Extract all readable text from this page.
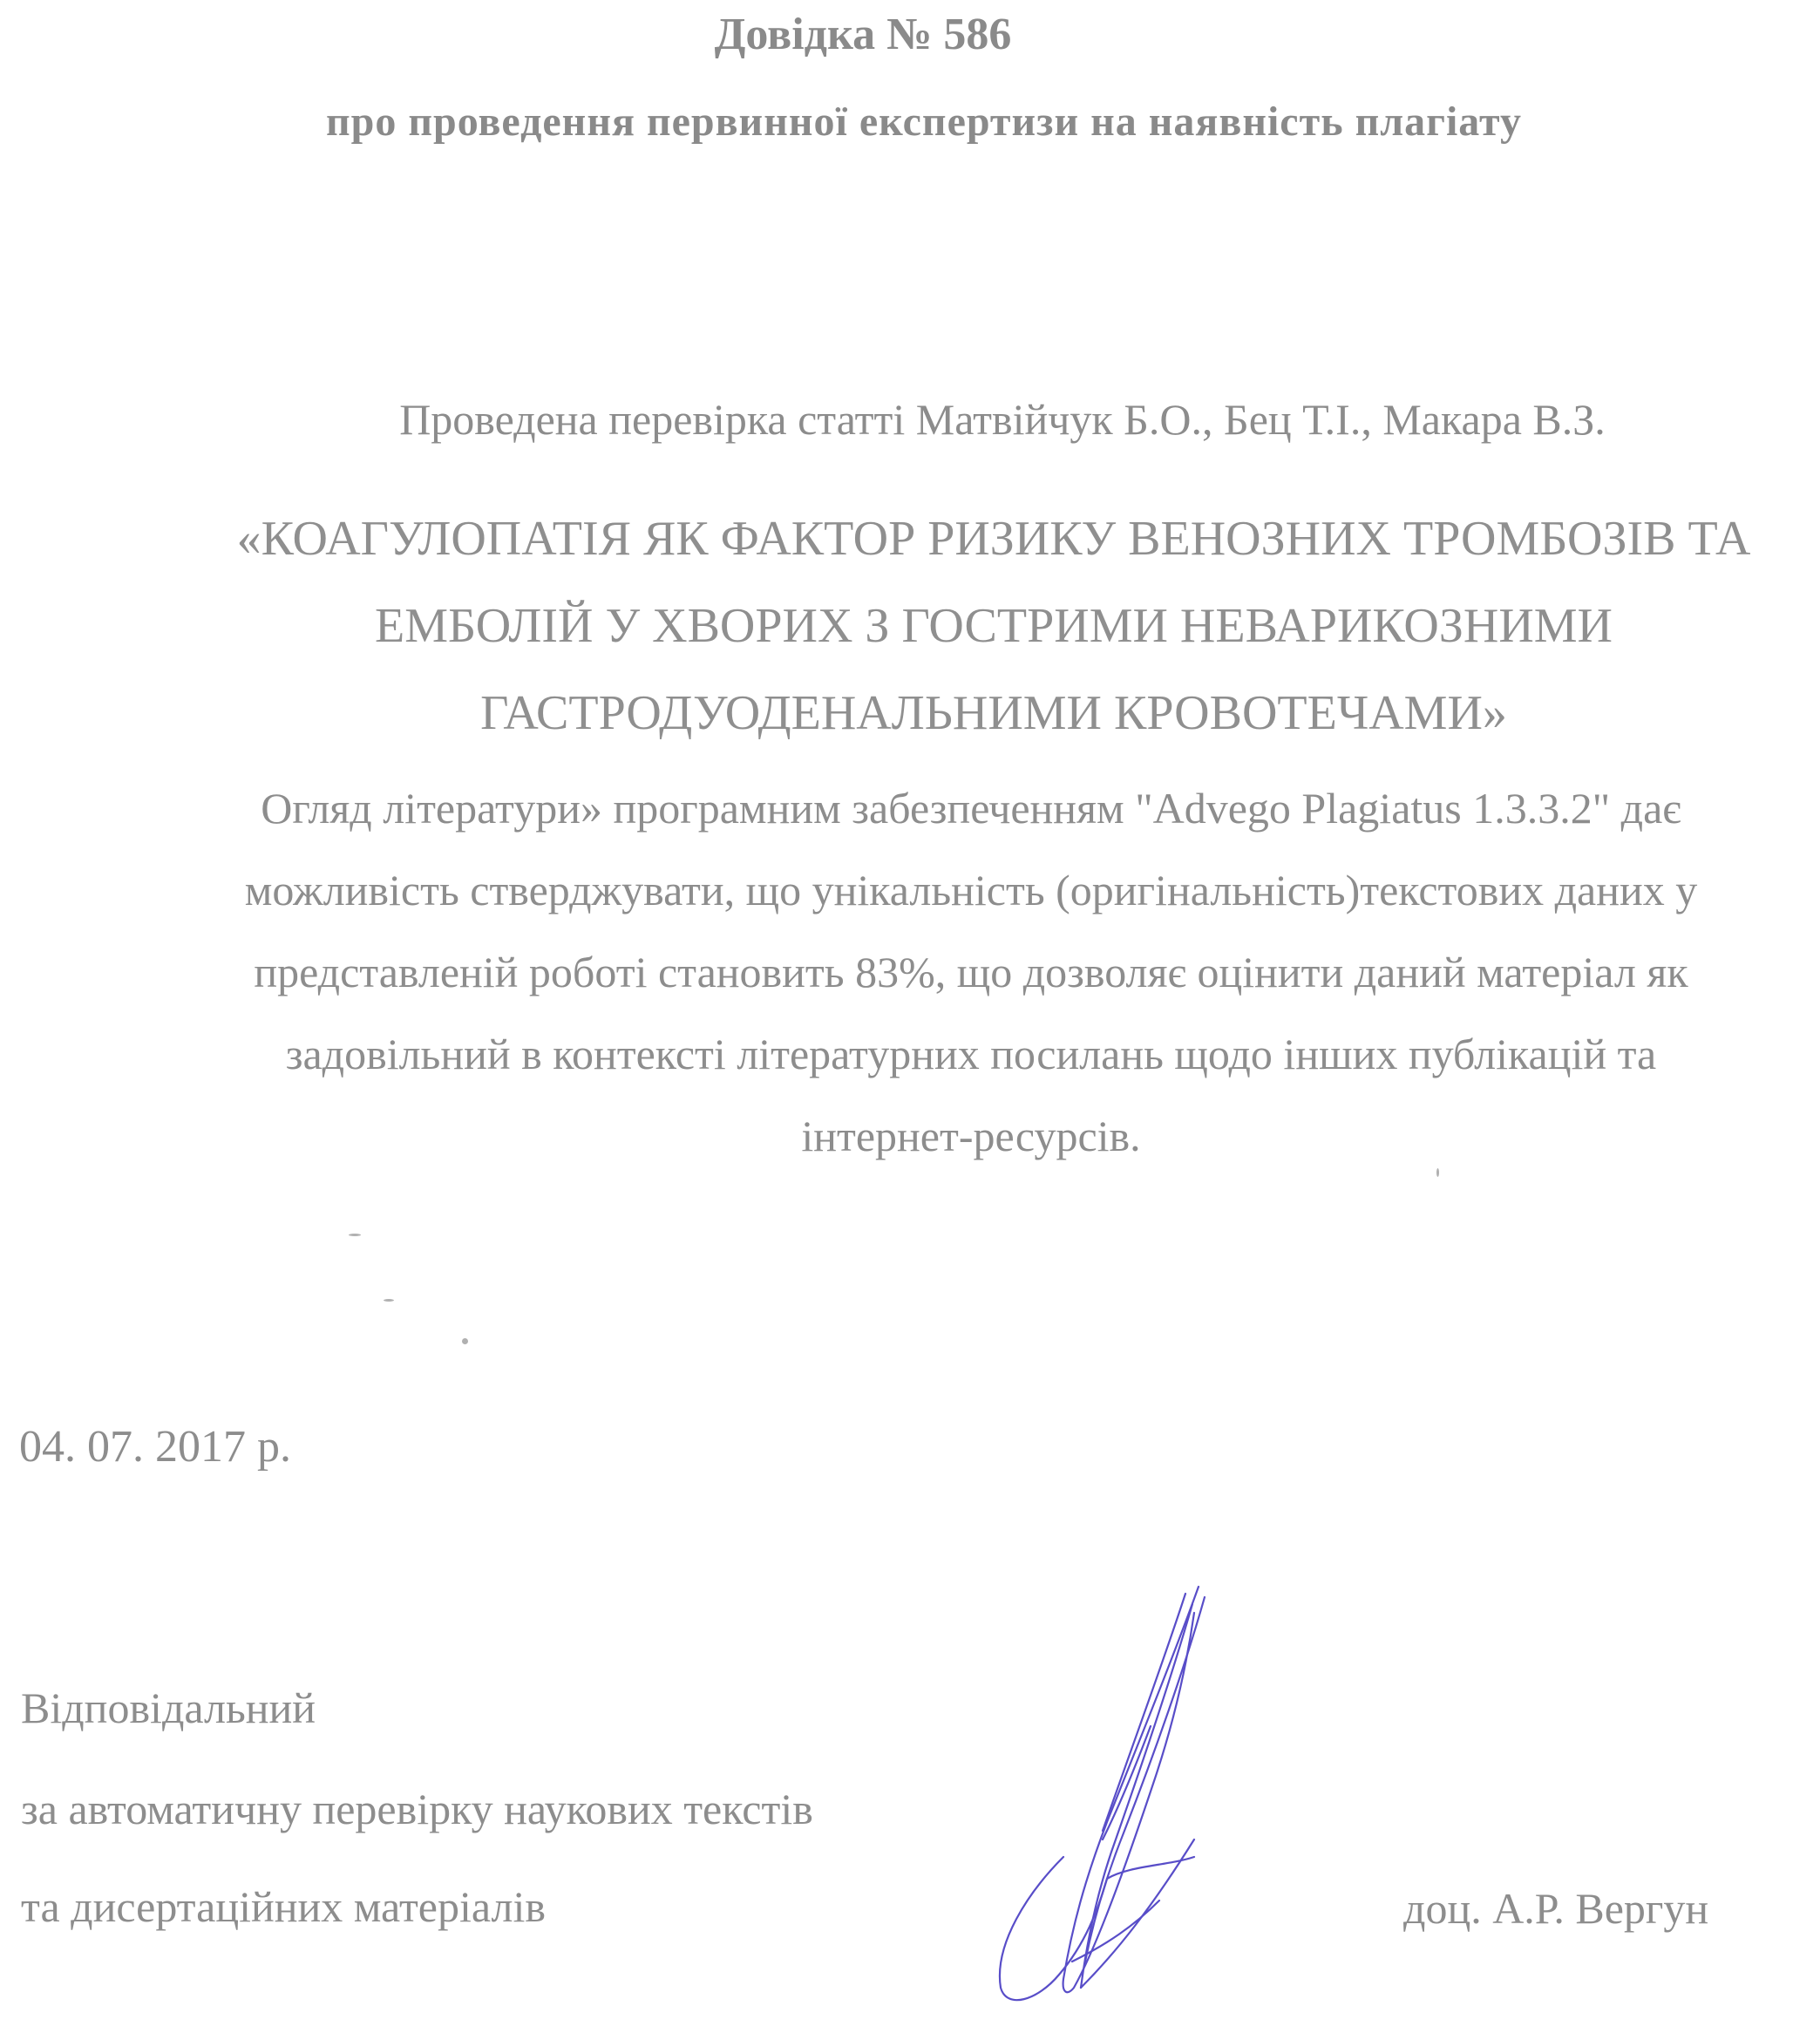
Довідка № 586
про проведення первинної експертизи на наявність плагіату

Проведена перевірка статті Матвійчук Б.О., Бец Т.І., Макара В.З.

«КОАГУЛОПАТІЯ ЯК ФАКТОР РИЗИКУ ВЕНОЗНИХ ТРОМБОЗІВ ТА
ЕМБОЛІЙ У ХВОРИХ З ГОСТРИМИ НЕВАРИКОЗНИМИ
ГАСТРОДУОДЕНАЛЬНИМИ КРОВОТЕЧАМИ»
Огляд літератури» програмним забезпеченням "Advego Plagiatus 1.3.3.2" дає
можливість стверджувати, що унікальність (оригінальність)текстових даних у
представленій роботі становить 83%, що дозволяє оцінити даний матеріал як
задовільний в контексті літературних посилань щодо інших публікацій та
інтернет-ресурсів.

04. 07. 2017 р.

Відповідальний

за автоматичну перевірку наукових текстів

та дисертаційних матеріалів	доц. А.Р. Вергун
